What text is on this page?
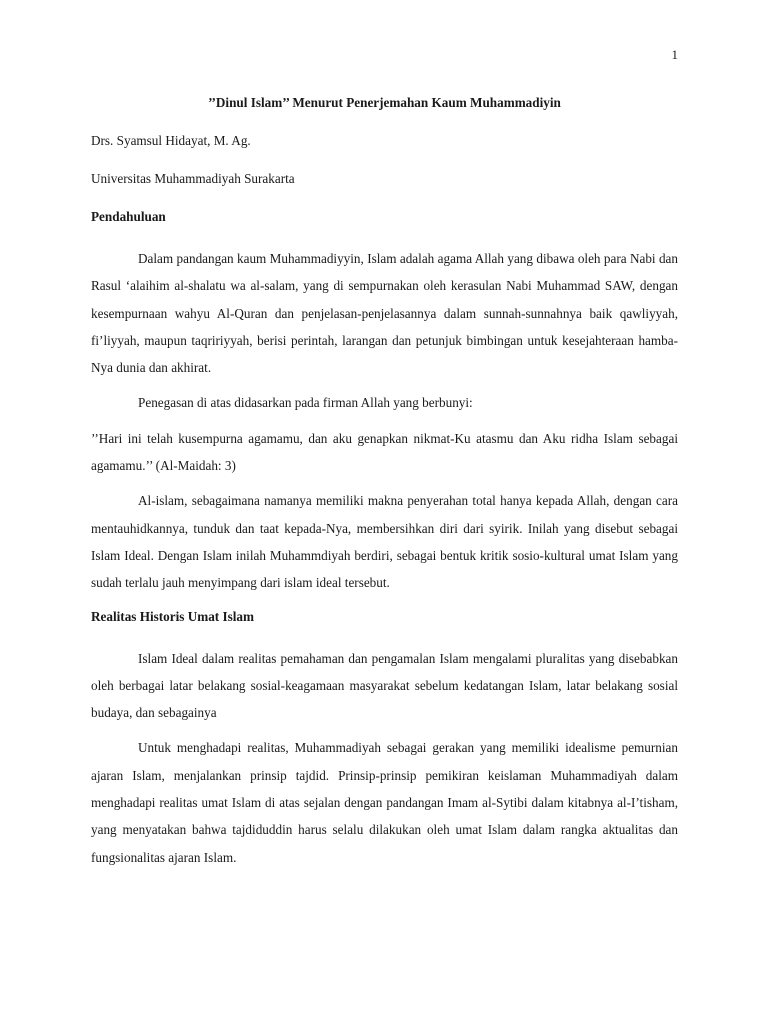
1
’’Dinul Islam’’ Menurut Penerjemahan Kaum Muhammadiyin
Drs. Syamsul Hidayat, M. Ag.
Universitas Muhammadiyah Surakarta
Pendahuluan

Dalam pandangan kaum Muhammadiyyin, Islam adalah agama Allah yang dibawa oleh para Nabi dan Rasul ‘alaihim al-shalatu wa al-salam, yang di sempurnakan oleh kerasulan Nabi Muhammad SAW, dengan kesempurnaan wahyu Al-Quran dan penjelasan-penjelasannya dalam sunnah-sunnahnya baik qawliyyah, fi’liyyah, maupun taqririyyah, berisi perintah, larangan dan petunjuk bimbingan untuk kesejahteraan hamba-Nya dunia dan akhirat.

Penegasan di atas didasarkan pada firman Allah yang berbunyi:

’’Hari ini telah kusempurna agamamu, dan aku genapkan nikmat-Ku atasmu dan Aku ridha Islam sebagai agamamu.’’ (Al-Maidah: 3)

Al-islam, sebagaimana namanya memiliki makna penyerahan total hanya kepada Allah, dengan cara mentauhidkannya, tunduk dan taat kepada-Nya, membersihkan diri dari syirik. Inilah yang disebut sebagai Islam Ideal. Dengan Islam inilah Muhammdiyah berdiri, sebagai bentuk kritik sosio-kultural umat Islam yang sudah terlalu jauh menyimpang dari islam ideal tersebut.

Realitas Historis Umat Islam

Islam Ideal dalam realitas pemahaman dan pengamalan Islam mengalami pluralitas yang disebabkan oleh berbagai latar belakang sosial-keagamaan masyarakat sebelum kedatangan Islam, latar belakang sosial budaya, dan sebagainya

Untuk menghadapi realitas, Muhammadiyah sebagai gerakan yang memiliki idealisme pemurnian ajaran Islam, menjalankan prinsip tajdid. Prinsip-prinsip pemikiran keislaman Muhammadiyah dalam menghadapi realitas umat Islam di atas sejalan dengan pandangan Imam al-Sytibi dalam kitabnya al-I’tisham, yang menyatakan bahwa tajdiduddin harus selalu dilakukan oleh umat Islam dalam rangka aktualitas dan fungsionalitas ajaran Islam.
